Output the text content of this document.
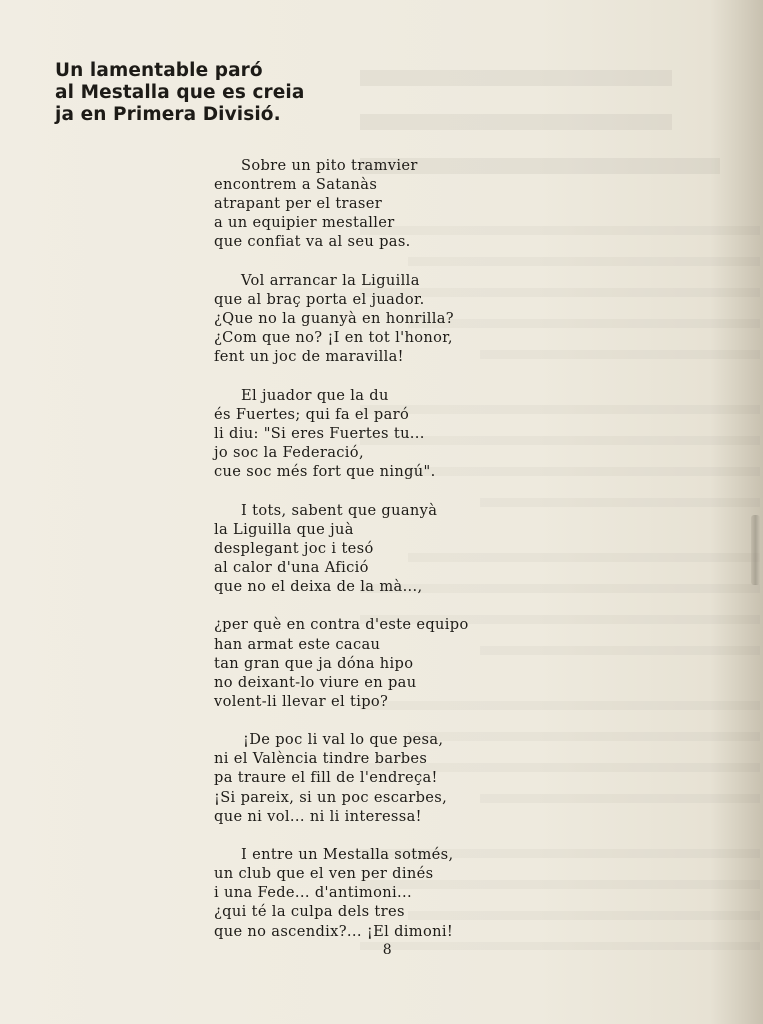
Un lamentable paró
al Mestalla que es creia
ja en Primera Divisió.

Sobre un pito tramvier
encontrem a Satanàs
atrapant per el traser
a un equipier mestaller
que confiat va al seu pas.

Vol arrancar la Liguilla
que al braç porta el juador.
¿Que no la guanyà en honrilla?
¿Com que no? ¡I en tot l'honor,
fent un joc de maravilla!

El juador que la du
és Fuertes; qui fa el paró
li diu: "Si eres Fuertes tu...
jo soc la Federació,
cue soc més fort que ningú".

I tots, sabent que guanyà
la Liguilla que juà
desplegant joc i tesó
al calor d'una Afició
que no el deixa de la mà...,

¿per què en contra d'este equipo
han armat este cacau
tan gran que ja dóna hipo
no deixant-lo viure en pau
volent-li llevar el tipo?

¡De poc li val lo que pesa,
ni el València tindre barbes
pa traure el fill de l'endreça!
¡Si pareix, si un poc escarbes,
que ni vol... ni li interessa!

I entre un Mestalla sotmés,
un club que el ven per dinés
i una Fede... d'antimoni...
¿qui té la culpa dels tres
que no ascendix?... ¡El dimoni!

8
